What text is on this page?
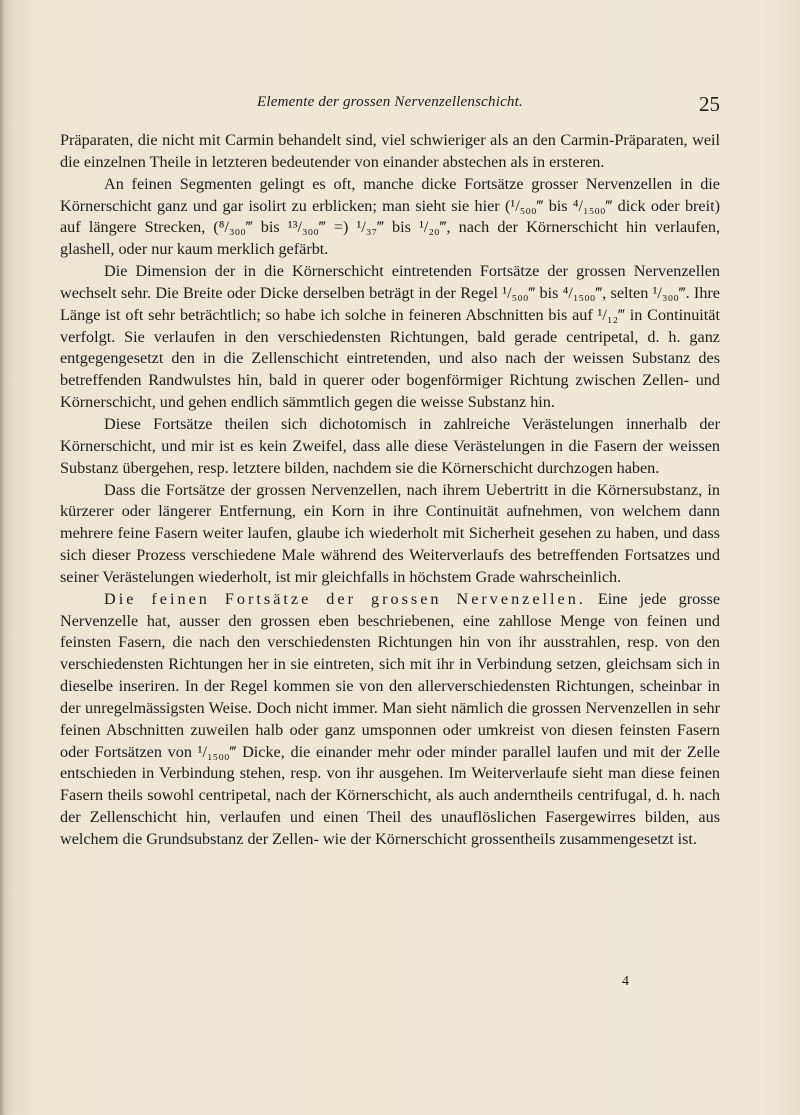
Elemente der grossen Nervenzellenschicht.	25

Präparaten, die nicht mit Carmin behandelt sind, viel schwieriger als an den Carmin-Präparaten, weil die einzelnen Theile in letzteren bedeutender von einander abstechen als in ersteren.

An feinen Segmenten gelingt es oft, manche dicke Fortsätze grosser Nervenzellen in die Körnerschicht ganz und gar isolirt zu erblicken; man sieht sie hier (¹/₅₀₀‴ bis ⁴/₁₅₀₀‴ dick oder breit) auf längere Strecken, (⁸/₃₀₀‴ bis ¹³/₃₀₀‴ =) ¹/₃₇‴ bis ¹/₂₀‴, nach der Körnerschicht hin verlaufen, glashell, oder nur kaum merklich gefärbt.

Die Dimension der in die Körnerschicht eintretenden Fortsätze der grossen Nervenzellen wechselt sehr. Die Breite oder Dicke derselben beträgt in der Regel ¹/₅₀₀‴ bis ⁴/₁₅₀₀‴, selten ¹/₃₀₀‴. Ihre Länge ist oft sehr beträchtlich; so habe ich solche in feineren Abschnitten bis auf ¹/₁₂‴ in Continuität verfolgt. Sie verlaufen in den verschiedensten Richtungen, bald gerade centripetal, d. h. ganz entgegengesetzt den in die Zellenschicht eintretenden, und also nach der weissen Substanz des betreffenden Randwulstes hin, bald in querer oder bogenförmiger Richtung zwischen Zellen- und Körnerschicht, und gehen endlich sämmtlich gegen die weisse Substanz hin.

Diese Fortsätze theilen sich dichotomisch in zahlreiche Verästelungen innerhalb der Körnerschicht, und mir ist es kein Zweifel, dass alle diese Verästelungen in die Fasern der weissen Substanz übergehen, resp. letztere bilden, nachdem sie die Körnerschicht durchzogen haben.

Dass die Fortsätze der grossen Nervenzellen, nach ihrem Uebertritt in die Körnersubstanz, in kürzerer oder längerer Entfernung, ein Korn in ihre Continuität aufnehmen, von welchem dann mehrere feine Fasern weiter laufen, glaube ich wiederholt mit Sicherheit gesehen zu haben, und dass sich dieser Prozess verschiedene Male während des Weiterverlaufs des betreffenden Fortsatzes und seiner Verästelungen wiederholt, ist mir gleichfalls in höchstem Grade wahrscheinlich.

Die feinen Fortsätze der grossen Nervenzellen. Eine jede grosse Nervenzelle hat, ausser den grossen eben beschriebenen, eine zahllose Menge von feinen und feinsten Fasern, die nach den verschiedensten Richtungen hin von ihr ausstrahlen, resp. von den verschiedensten Richtungen her in sie eintreten, sich mit ihr in Verbindung setzen, gleichsam sich in dieselbe inseriren. In der Regel kommen sie von den allerverschiedensten Richtungen, scheinbar in der unregelmässigsten Weise. Doch nicht immer. Man sieht nämlich die grossen Nervenzellen in sehr feinen Abschnitten zuweilen halb oder ganz umsponnen oder umkreist von diesen feinsten Fasern oder Fortsätzen von ¹/₁₅₀₀‴ Dicke, die einander mehr oder minder parallel laufen und mit der Zelle entschieden in Verbindung stehen, resp. von ihr ausgehen. Im Weiterverlaufe sieht man diese feinen Fasern theils sowohl centripetal, nach der Körnerschicht, als auch anderntheils centrifugal, d. h. nach der Zellenschicht hin, verlaufen und einen Theil des unauflöslichen Fasergewirres bilden, aus welchem die Grundsubstanz der Zellen- wie der Körnerschicht grossentheils zusammengesetzt ist.

4
